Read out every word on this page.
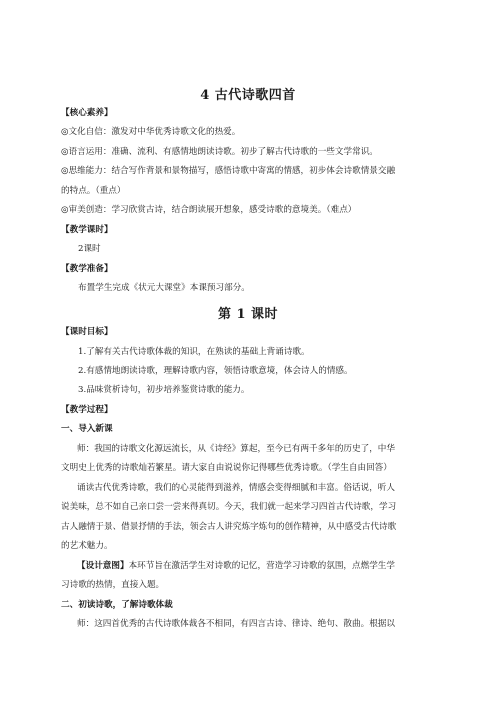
4 古代诗歌四首
【核心素养】
◎文化自信：激发对中华优秀诗歌文化的热爱。
◎语言运用：准确、流利、有感情地朗读诗歌。初步了解古代诗歌的一些文学常识。
◎思维能力：结合写作背景和景物描写，感悟诗歌中寄寓的情感，初步体会诗歌情景交融
的特点。（重点）
◎审美创造：学习欣赏古诗，结合朗读展开想象，感受诗歌的意境美。（难点）
【教学课时】
2课时
【教学准备】
布置学生完成《状元大课堂》本课预习部分。
第 1 课时
【课时目标】
1.了解有关古代诗歌体裁的知识，在熟读的基础上背诵诗歌。
2.有感情地朗读诗歌，理解诗歌内容，领悟诗歌意境，体会诗人的情感。
3.品味赏析诗句，初步培养鉴赏诗歌的能力。
【教学过程】
一、导入新课
师：我国的诗歌文化源远流长，从《诗经》算起，至今已有两千多年的历史了，中华
文明史上优秀的诗歌灿若繁星。请大家自由说说你记得哪些优秀诗歌。（学生自由回答）
诵读古代优秀诗歌，我们的心灵能得到滋养，情感会变得细腻和丰富。俗话说，听人
说美味，总不如自己亲口尝一尝来得真切。今天，我们就一起来学习四首古代诗歌，学习
古人融情于景、借景抒情的手法，领会古人讲究炼字炼句的创作精神，从中感受古代诗歌
的艺术魅力。
【设计意图】本环节旨在激活学生对诗歌的记忆，营造学习诗歌的氛围，点燃学生学
习诗歌的热情，直接入题。
二、初读诗歌，了解诗歌体裁
师：这四首优秀的古代诗歌体裁各不相同，有四言古诗、律诗、绝句、散曲。根据以
